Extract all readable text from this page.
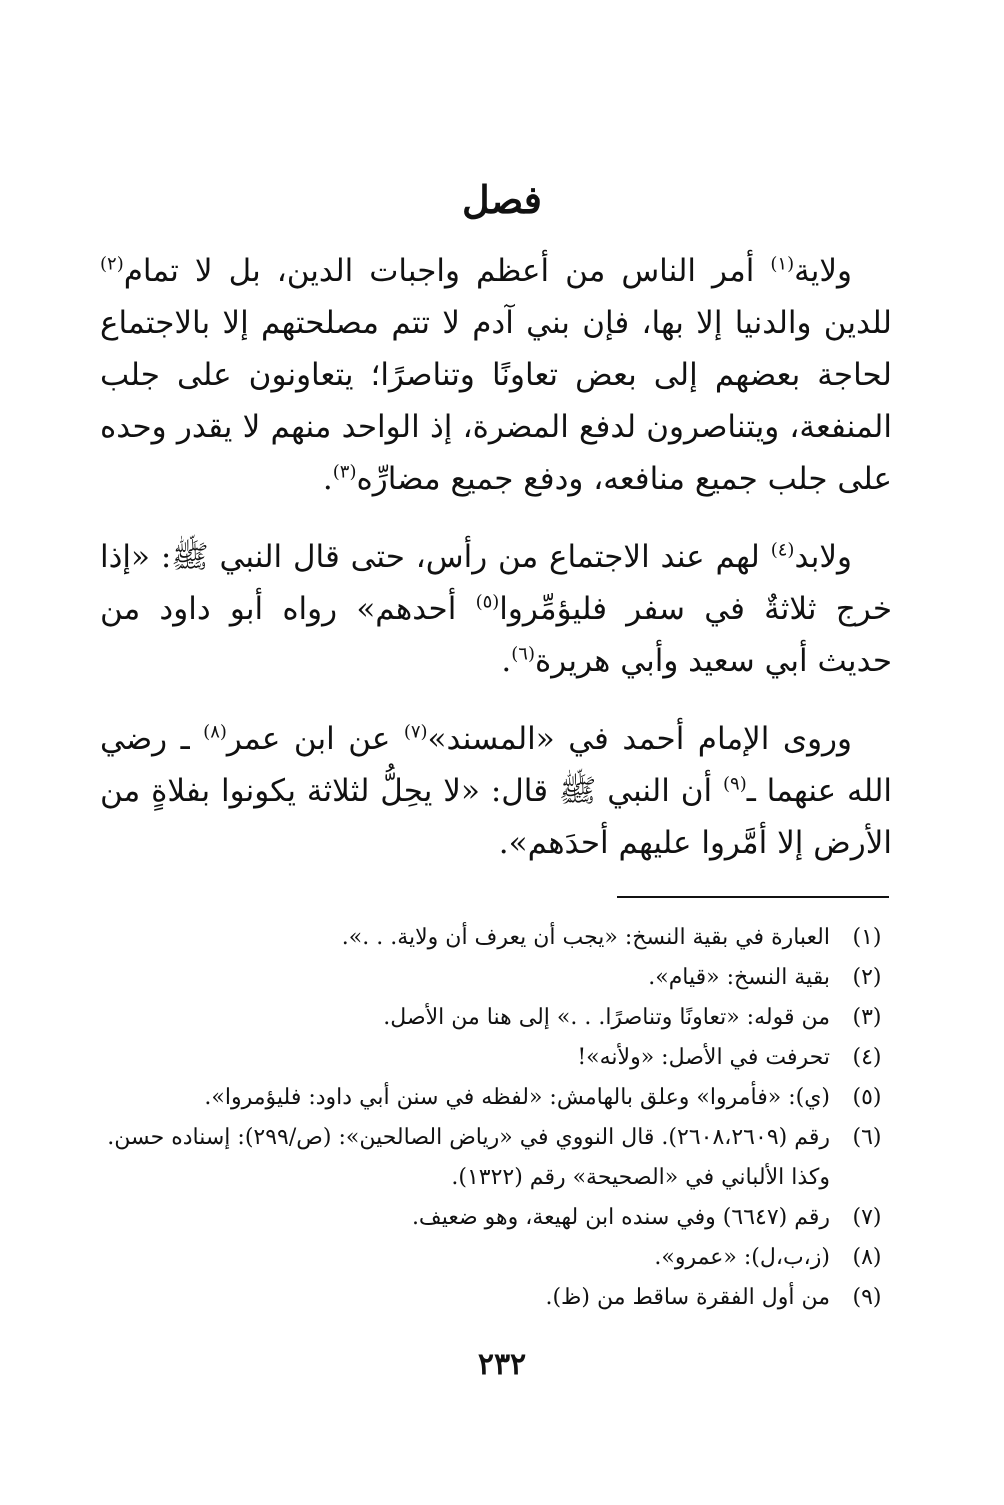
فصل

ولاية$^{(١)}$ أمر الناس من أعظم واجبات الدين، بل لا تمام$^{(٢)}$ للدين والدنيا إلا بها، فإن بني آدم لا تتم مصلحتهم إلا بالاجتماع لحاجة بعضهم إلى بعض تعاونًا وتناصرًا؛ يتعاونون على جلب المنفعة، ويتناصرون لدفع المضرة، إذ الواحد منهم لا يقدر وحده على جلب جميع منافعه، ودفع جميع مضارِّه$^{(٣)}$.

ولابد$^{(٤)}$ لهم عند الاجتماع من رأس، حتى قال النبي ﷺ: «إذا خرج ثلاثةٌ في سفر فليؤمِّروا$^{(٥)}$ أحدهم» رواه أبو داود من حديث أبي سعيد وأبي هريرة$^{(٦)}$.

وروى الإمام أحمد في «المسند»$^{(٧)}$ عن ابن عمر$^{(٨)}$ ـ رضي الله عنهما ـ$^{(٩)}$ أن النبي ﷺ قال: «لا يحِلُّ لثلاثة يكونوا بفلاةٍ من الأرض إلا أمَّروا عليهم أحدَهم».

(١)
العبارة في بقية النسخ: «يجب أن يعرف أن ولاية. . .».
(٢)
بقية النسخ: «قيام».
(٣)
من قوله: «تعاونًا وتناصرًا. . .» إلى هنا من الأصل.
(٤)
تحرفت في الأصل: «ولأنه»!
(٥)
(ي): «فأمروا» وعلق بالهامش: «لفظه في سنن أبي داود: فليؤمروا».
(٦)
رقم (٢٦٠٨،٢٦٠٩). قال النووي في «رياض الصالحين»: (ص/٢٩٩): إسناده حسن. وكذا الألباني في «الصحيحة» رقم (١٣٢٢).
(٧)
رقم (٦٦٤٧) وفي سنده ابن لهيعة، وهو ضعيف.
(٨)
(ز،ب،ل): «عمرو».
(٩)
من أول الفقرة ساقط من (ظ).
٢٣٢
